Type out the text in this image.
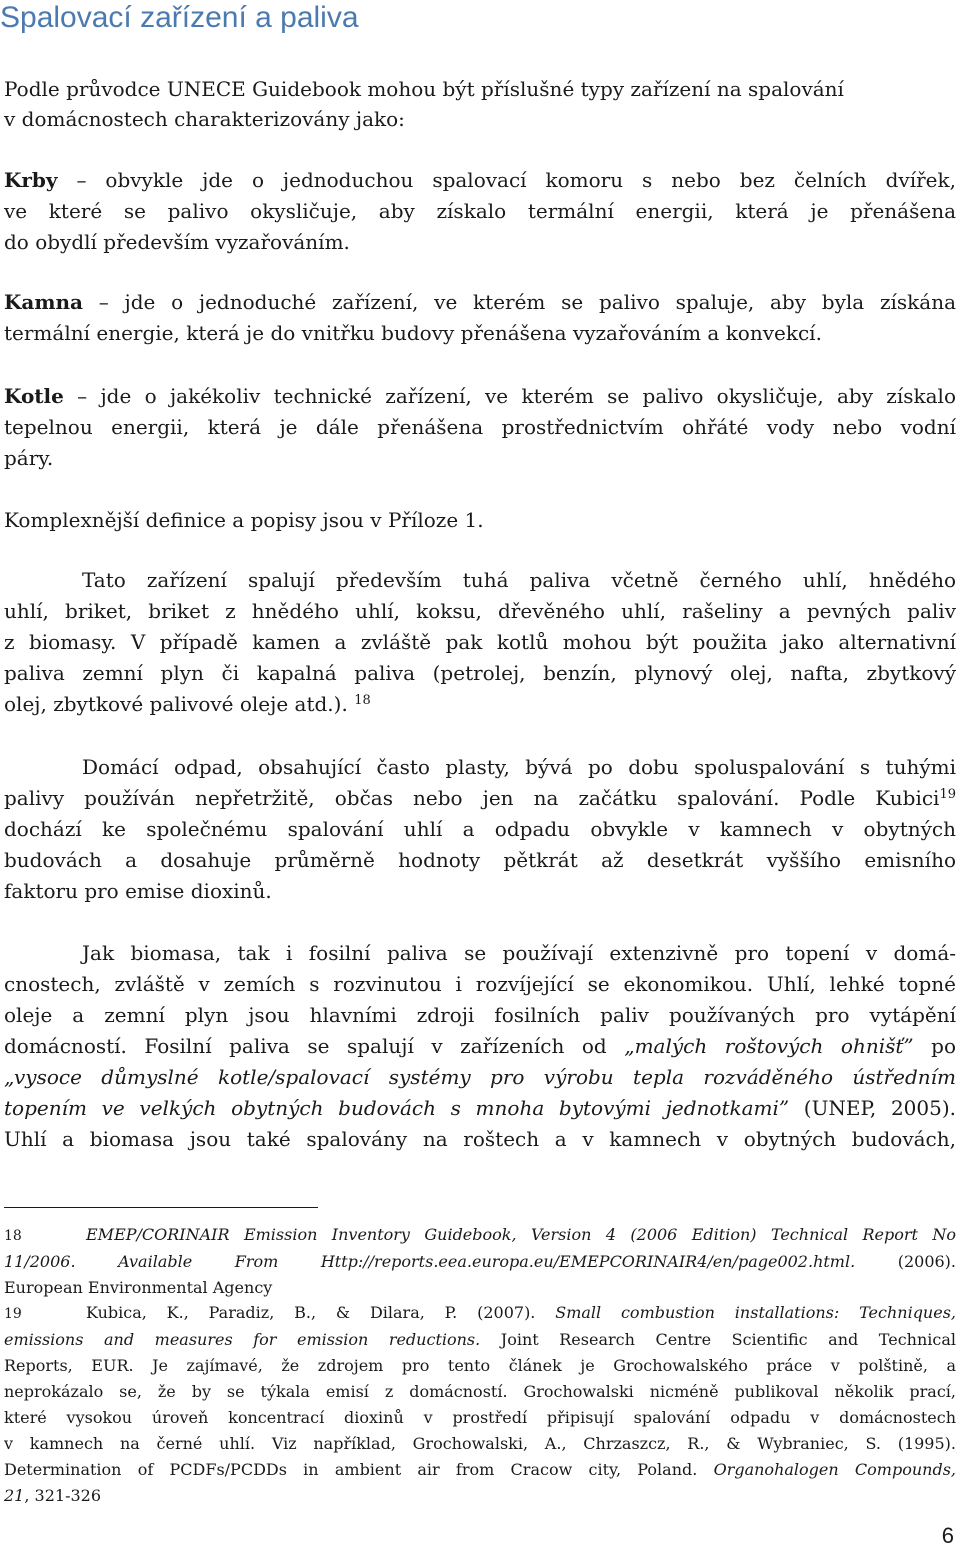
Spalovací zařízení a paliva
Podle průvodce UNECE Guidebook mohou být příslušné typy zařízení na spalování
v domácnostech charakterizovány jako:
Krby – obvykle jde o jednoduchou spalovací komoru s nebo bez čelních dvířek,
ve které se palivo okysličuje, aby získalo termální energii, která je přenášena
do obydlí především vyzařováním.
Kamna – jde o jednoduché zařízení, ve kterém se palivo spaluje, aby byla získána
termální energie, která je do vnitřku budovy přenášena vyzařováním a konvekcí.
Kotle – jde o jakékoliv technické zařízení, ve kterém se palivo okysličuje, aby získalo
tepelnou energii, která je dále přenášena prostřednictvím ohřáté vody nebo vodní
páry.
Komplexnější definice a popisy jsou v Příloze 1.
Tato zařízení spalují především tuhá paliva včetně černého uhlí, hnědého
uhlí, briket, briket z hnědého uhlí, koksu, dřevěného uhlí, rašeliny a pevných paliv
z biomasy. V případě kamen a zvláště pak kotlů mohou být použita jako alternativní
paliva zemní plyn či kapalná paliva (petrolej, benzín, plynový olej, nafta, zbytkový
olej, zbytkové palivové oleje atd.). $^{18}$
Domácí odpad, obsahující často plasty, bývá po dobu spoluspalování s tuhými
palivy používán nepřetržitě, občas nebo jen na začátku spalování. Podle Kubici$^{19}$
dochází ke společnému spalování uhlí a odpadu obvykle v kamnech v obytných
budovách a dosahuje průměrně hodnoty pětkrát až desetkrát vyššího emisního
faktoru pro emise dioxinů.
Jak biomasa, tak i fosilní paliva se používají extenzivně pro topení v domá-
cnostech, zvláště v zemích s rozvinutou i rozvíjející se ekonomikou. Uhlí, lehké topné
oleje a zemní plyn jsou hlavními zdroji fosilních paliv používaných pro vytápění
domácností. Fosilní paliva se spalují v zařízeních od „malých roštových ohnišť” po
„vysoce důmyslné kotle/spalovací systémy pro výrobu tepla rozváděného ústředním
topením ve velkých obytných budovách s mnoha bytovými jednotkami” (UNEP, 2005).
Uhlí a biomasa jsou také spalovány na roštech a v kamnech v obytných budovách,
18	EMEP/CORINAIR Emission Inventory Guidebook, Version 4 (2006 Edition) Technical Report No
11/2006. Available From Http://reports.eea.europa.eu/EMEPCORINAIR4/en/page002.html. (2006).
European Environmental Agency
19	Kubica, K., Paradiz, B., & Dilara, P. (2007). Small combustion installations: Techniques,
emissions and measures for emission reductions. Joint Research Centre Scientific and Technical
Reports, EUR. Je zajímavé, že zdrojem pro tento článek je Grochowalského práce v polštině, a
neprokázalo se, že by se týkala emisí z domácností. Grochowalski nicméně publikoval několik prací,
které vysokou úroveň koncentrací dioxinů v prostředí připisují spalování odpadu v domácnostech
v kamnech na černé uhlí. Viz například, Grochowalski, A., Chrzaszcz, R., & Wybraniec, S. (1995).
Determination of PCDFs/PCDDs in ambient air from Cracow city, Poland. Organohalogen Compounds,
21, 321-326
6
